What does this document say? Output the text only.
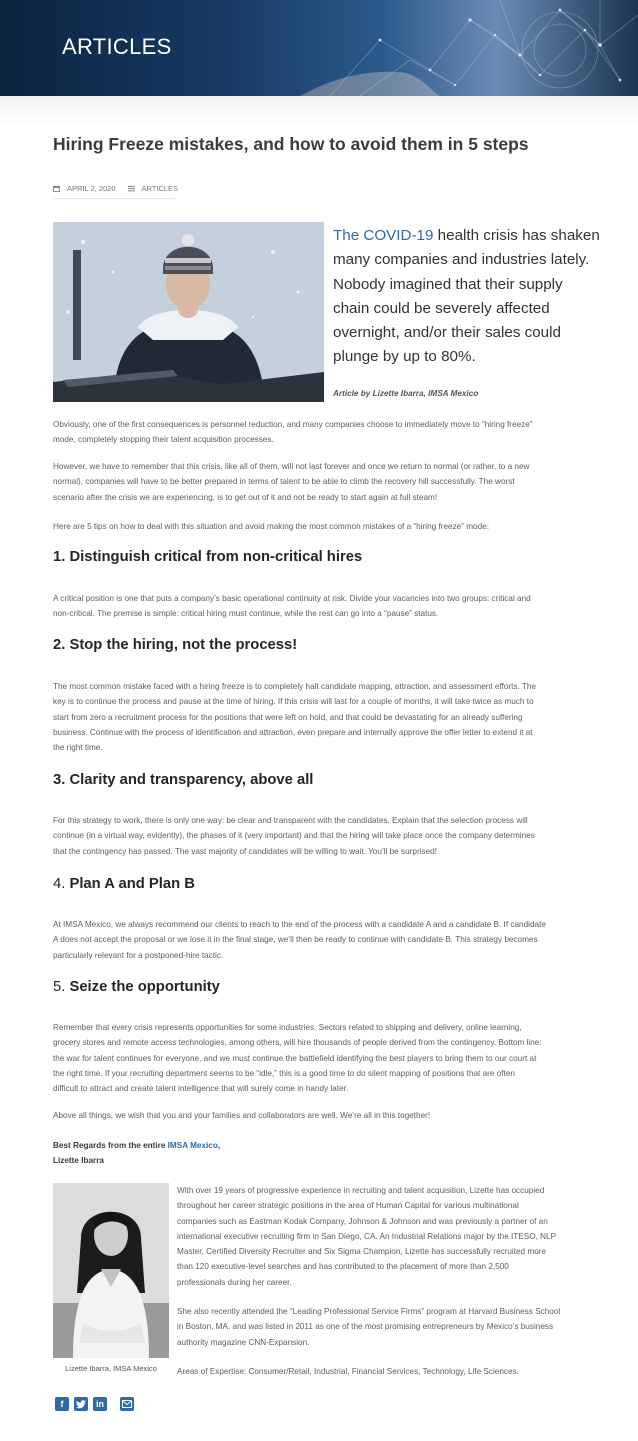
ARTICLES
Hiring Freeze mistakes, and how to avoid them in 5 steps
APRIL 2, 2020	ARTICLES
The COVID-19 health crisis has shaken
many companies and industries lately.
Nobody imagined that their supply
chain could be severely affected
overnight, and/or their sales could
plunge by up to 80%.
Article by Lizette Ibarra, IMSA Mexico
Obviously, one of the first consequences is personnel reduction, and many companies choose to immediately move to “hiring freeze”
mode, completely stopping their talent acquisition processes.
However, we have to remember that this crisis, like all of them, will not last forever and once we return to normal (or rather, to a new
normal), companies will have to be better prepared in terms of talent to be able to climb the recovery hill successfully. The worst
scenario after the crisis we are experiencing, is to get out of it and not be ready to start again at full steam!
Here are 5 tips on how to deal with this situation and avoid making the most common mistakes of a “hiring freeze” mode:
1. Distinguish critical from non-critical hires
A critical position is one that puts a company’s basic operational continuity at risk. Divide your vacancies into two groups: critical and
non-critical. The premise is simple: critical hiring must continue, while the rest can go into a “pause” status.
2. Stop the hiring, not the process!
The most common mistake faced with a hiring freeze is to completely halt candidate mapping, attraction, and assessment efforts. The
key is to continue the process and pause at the time of hiring. If this crisis will last for a couple of months, it will take twice as much to
start from zero a recruitment process for the positions that were left on hold, and that could be devastating for an already suffering
business. Continue with the process of identification and attraction, even prepare and internally approve the offer letter to extend it at
the right time.
3. Clarity and transparency, above all
For this strategy to work, there is only one way: be clear and transparent with the candidates. Explain that the selection process will
continue (in a virtual way, evidently), the phases of it (very important) and that the hiring will take place once the company determines
that the contingency has passed. The vast majority of candidates will be willing to wait. You’ll be surprised!
4. Plan A and Plan B
At IMSA Mexico, we always recommend our clients to reach to the end of the process with a candidate A and a candidate B. If candidate
A does not accept the proposal or we lose it in the final stage, we’ll then be ready to continue with candidate B. This strategy becomes
particularly relevant for a postponed-hire tactic.
5. Seize the opportunity
Remember that every crisis represents opportunities for some industries. Sectors related to shipping and delivery, online learning,
grocery stores and remote access technologies, among others, will hire thousands of people derived from the contingency. Bottom line:
the war for talent continues for everyone, and we must continue the battlefield identifying the best players to bring them to our court at
the right time. If your recruiting department seems to be “idle,” this is a good time to do silent mapping of positions that are often
difficult to attract and create talent intelligence that will surely come in handy later.
Above all things, we wish that you and your families and collaborators are well. We’re all in this together!
Best Regards from the entire IMSA Mexico,
Lizette Ibarra
Lizette Ibarra, IMSA Mexico
With over 19 years of progressive experience in recruiting and talent acquisition, Lizette has occupied
throughout her career strategic positions in the area of Human Capital for various multinational
companies such as Eastman Kodak Company, Johnson & Johnson and was previously a partner of an
international executive recruiting firm in San Diego, CA. An Industrial Relations major by the ITESO, NLP
Master, Certified Diversity Recruiter and Six Sigma Champion, Lizette has successfully recruited more
than 120 executive-level searches and has contributed to the placement of more than 2,500
professionals during her career.
She also recently attended the “Leading Professional Service Firms” program at Harvard Business School
in Boston, MA. and was listed in 2011 as one of the most promising entrepreneurs by Mexico’s business
authority magazine CNN-Expansion.
Areas of Expertise: Consumer/Retail, Industrial, Financial Services, Technology, Life Sciences.
f	in
